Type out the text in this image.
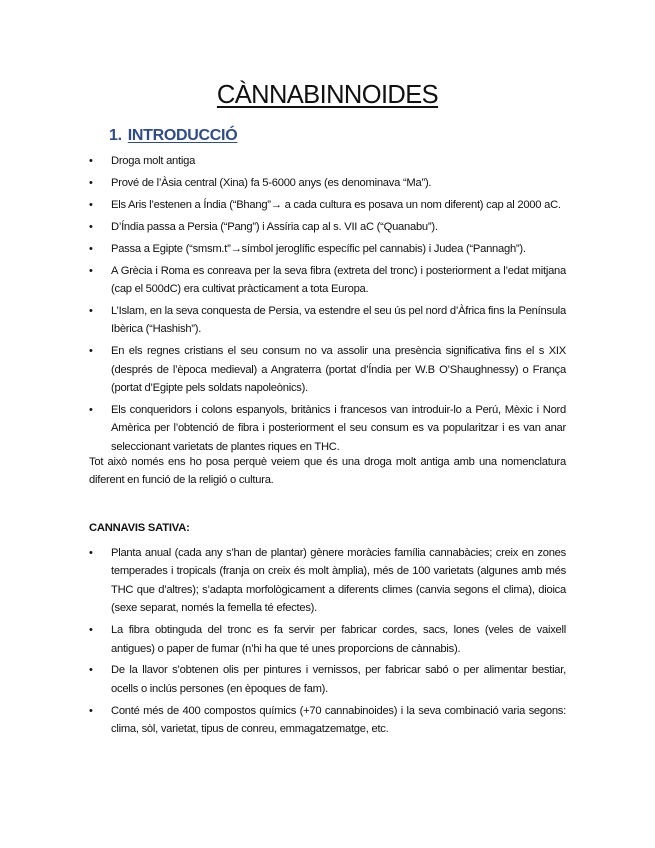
CÀNNABINNOIDES
1. INTRODUCCIÓ
• Droga molt antiga
• Prové de l’Àsia central (Xina) fa 5-6000 anys (es denominava “Ma”).
• Els Aris l’estenen a Índia (“Bhang”→ a cada cultura es posava un nom diferent) cap al 2000 aC.
• D’Índia passa a Persia (“Pang”) i Assíria cap al s. VII aC (“Quanabu”).
• Passa a Egipte (“smsm.t”→símbol jeroglífic específic pel cannabis) i Judea (“Pannagh”).
• A Grècia i Roma es conreava per la seva fibra (extreta del tronc) i posteriorment a l’edat mitjana (cap el 500dC) era cultivat pràcticament a tota Europa.
• L’Islam, en la seva conquesta de Persia, va estendre el seu ús pel nord d’Àfrica fins la Península Ibèrica (“Hashish”).
• En els regnes cristians el seu consum no va assolir una presència significativa fins el s XIX (després de l’època medieval) a Angraterra (portat d’Índia per W.B O’Shaughnessy) o França (portat d’Egipte pels soldats napoleònics).
• Els conqueridors i colons espanyols, britànics i francesos van introduir-lo a Perú, Mèxic i Nord Amèrica per l’obtenció de fibra i posteriorment el seu consum es va popularitzar i es van anar seleccionant varietats de plantes riques en THC.

Tot això només ens ho posa perquè veiem que és una droga molt antiga amb una nomenclatura diferent en funció de la religió o cultura.

CANNAVIS SATIVA:
• Planta anual (cada any s’han de plantar) gènere moràcies família cannabàcies; creix en zones temperades i tropicals (franja on creix és molt àmplia), més de 100 varietats (algunes amb més THC que d’altres); s’adapta morfològicament a diferents climes (canvia segons el clima), dioica (sexe separat, només la femella té efectes).
• La fibra obtinguda del tronc es fa servir per fabricar cordes, sacs, lones (veles de vaixell antigues) o paper de fumar (n’hi ha que té unes proporcions de cànnabis).
• De la llavor s’obtenen olis per pintures i vernissos, per fabricar sabó o per alimentar bestiar, ocells o inclús persones (en èpoques de fam).
• Conté més de 400 compostos químics (+70 cannabinoides) i la seva combinació varia segons: clima, sòl, varietat, tipus de conreu, emmagatzematge, etc.
